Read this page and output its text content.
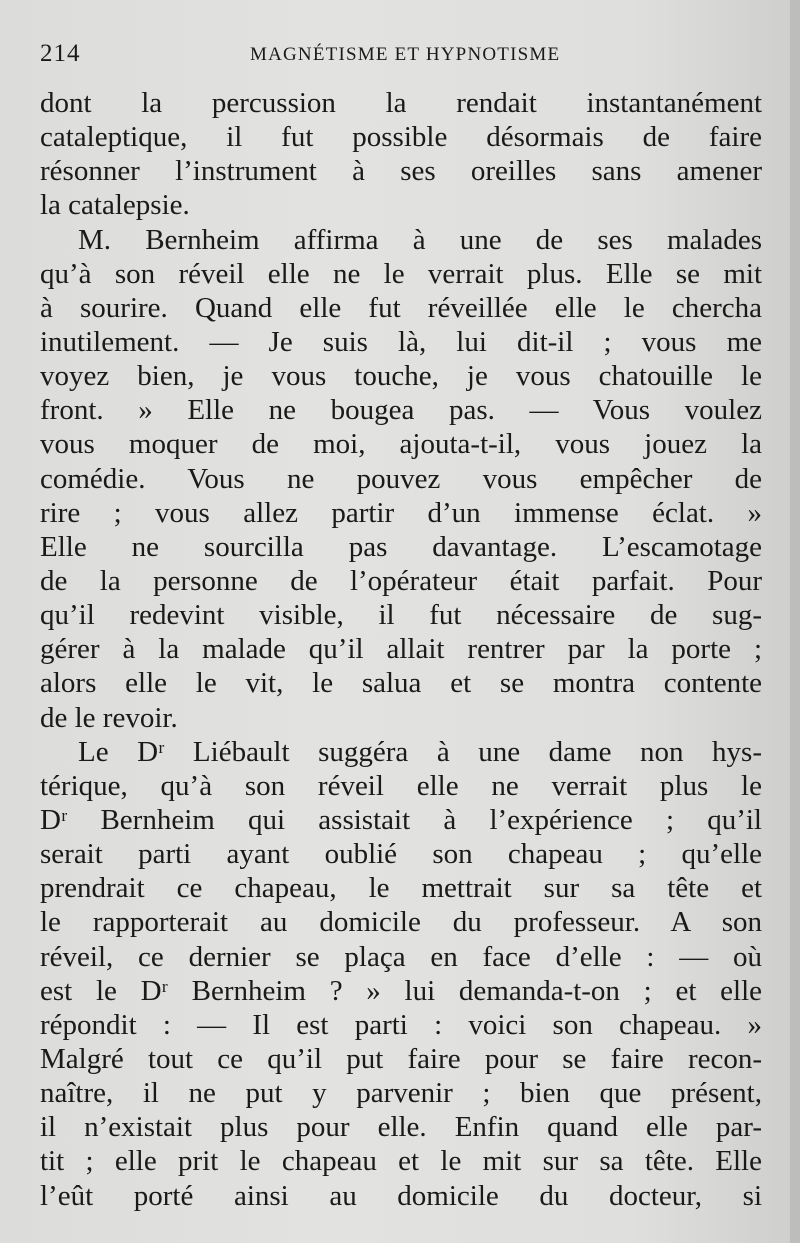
214	MAGNÉTISME ET HYPNOTISME
dont la percussion la rendait instantanément
cataleptique, il fut possible désormais de faire
résonner l’instrument à ses oreilles sans amener
la catalepsie.
M. Bernheim affirma à une de ses malades
qu’à son réveil elle ne le verrait plus. Elle se mit
à sourire. Quand elle fut réveillée elle le chercha
inutilement. — Je suis là, lui dit-il ; vous me
voyez bien, je vous touche, je vous chatouille le
front. » Elle ne bougea pas. — Vous voulez
vous moquer de moi, ajouta-t-il, vous jouez la
comédie. Vous ne pouvez vous empêcher de
rire ; vous allez partir d’un immense éclat. »
Elle ne sourcilla pas davantage. L’escamotage
de la personne de l’opérateur était parfait. Pour
qu’il redevint visible, il fut nécessaire de sug-
gérer à la malade qu’il allait rentrer par la porte ;
alors elle le vit, le salua et se montra contente
de le revoir.
Le Dʳ Liébault suggéra à une dame non hys-
térique, qu’à son réveil elle ne verrait plus le
Dʳ Bernheim qui assistait à l’expérience ; qu’il
serait parti ayant oublié son chapeau ; qu’elle
prendrait ce chapeau, le mettrait sur sa tête et
le rapporterait au domicile du professeur. A son
réveil, ce dernier se plaça en face d’elle : — où
est le Dʳ Bernheim ? » lui demanda-t-on ; et elle
répondit : — Il est parti : voici son chapeau. »
Malgré tout ce qu’il put faire pour se faire recon-
naître, il ne put y parvenir ; bien que présent,
il n’existait plus pour elle. Enfin quand elle par-
tit ; elle prit le chapeau et le mit sur sa tête. Elle
l’eût porté ainsi au domicile du docteur, si
